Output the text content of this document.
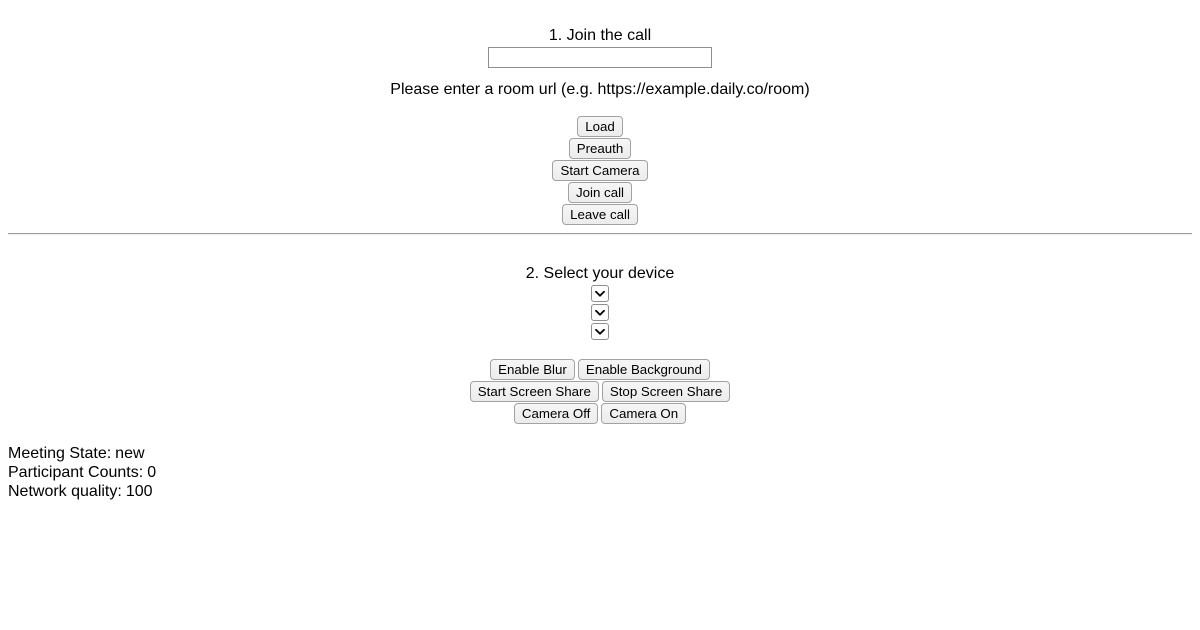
1. Join the call

Please enter a room url (e.g. https://example.daily.co/room)

Load
Preauth
Start Camera
Join call
Leave call
2. Select your device
Enable Blur	Enable Background
Start Screen Share	Stop Screen Share
Camera Off	Camera On
Meeting State: new
Participant Counts: 0
Network quality: 100
